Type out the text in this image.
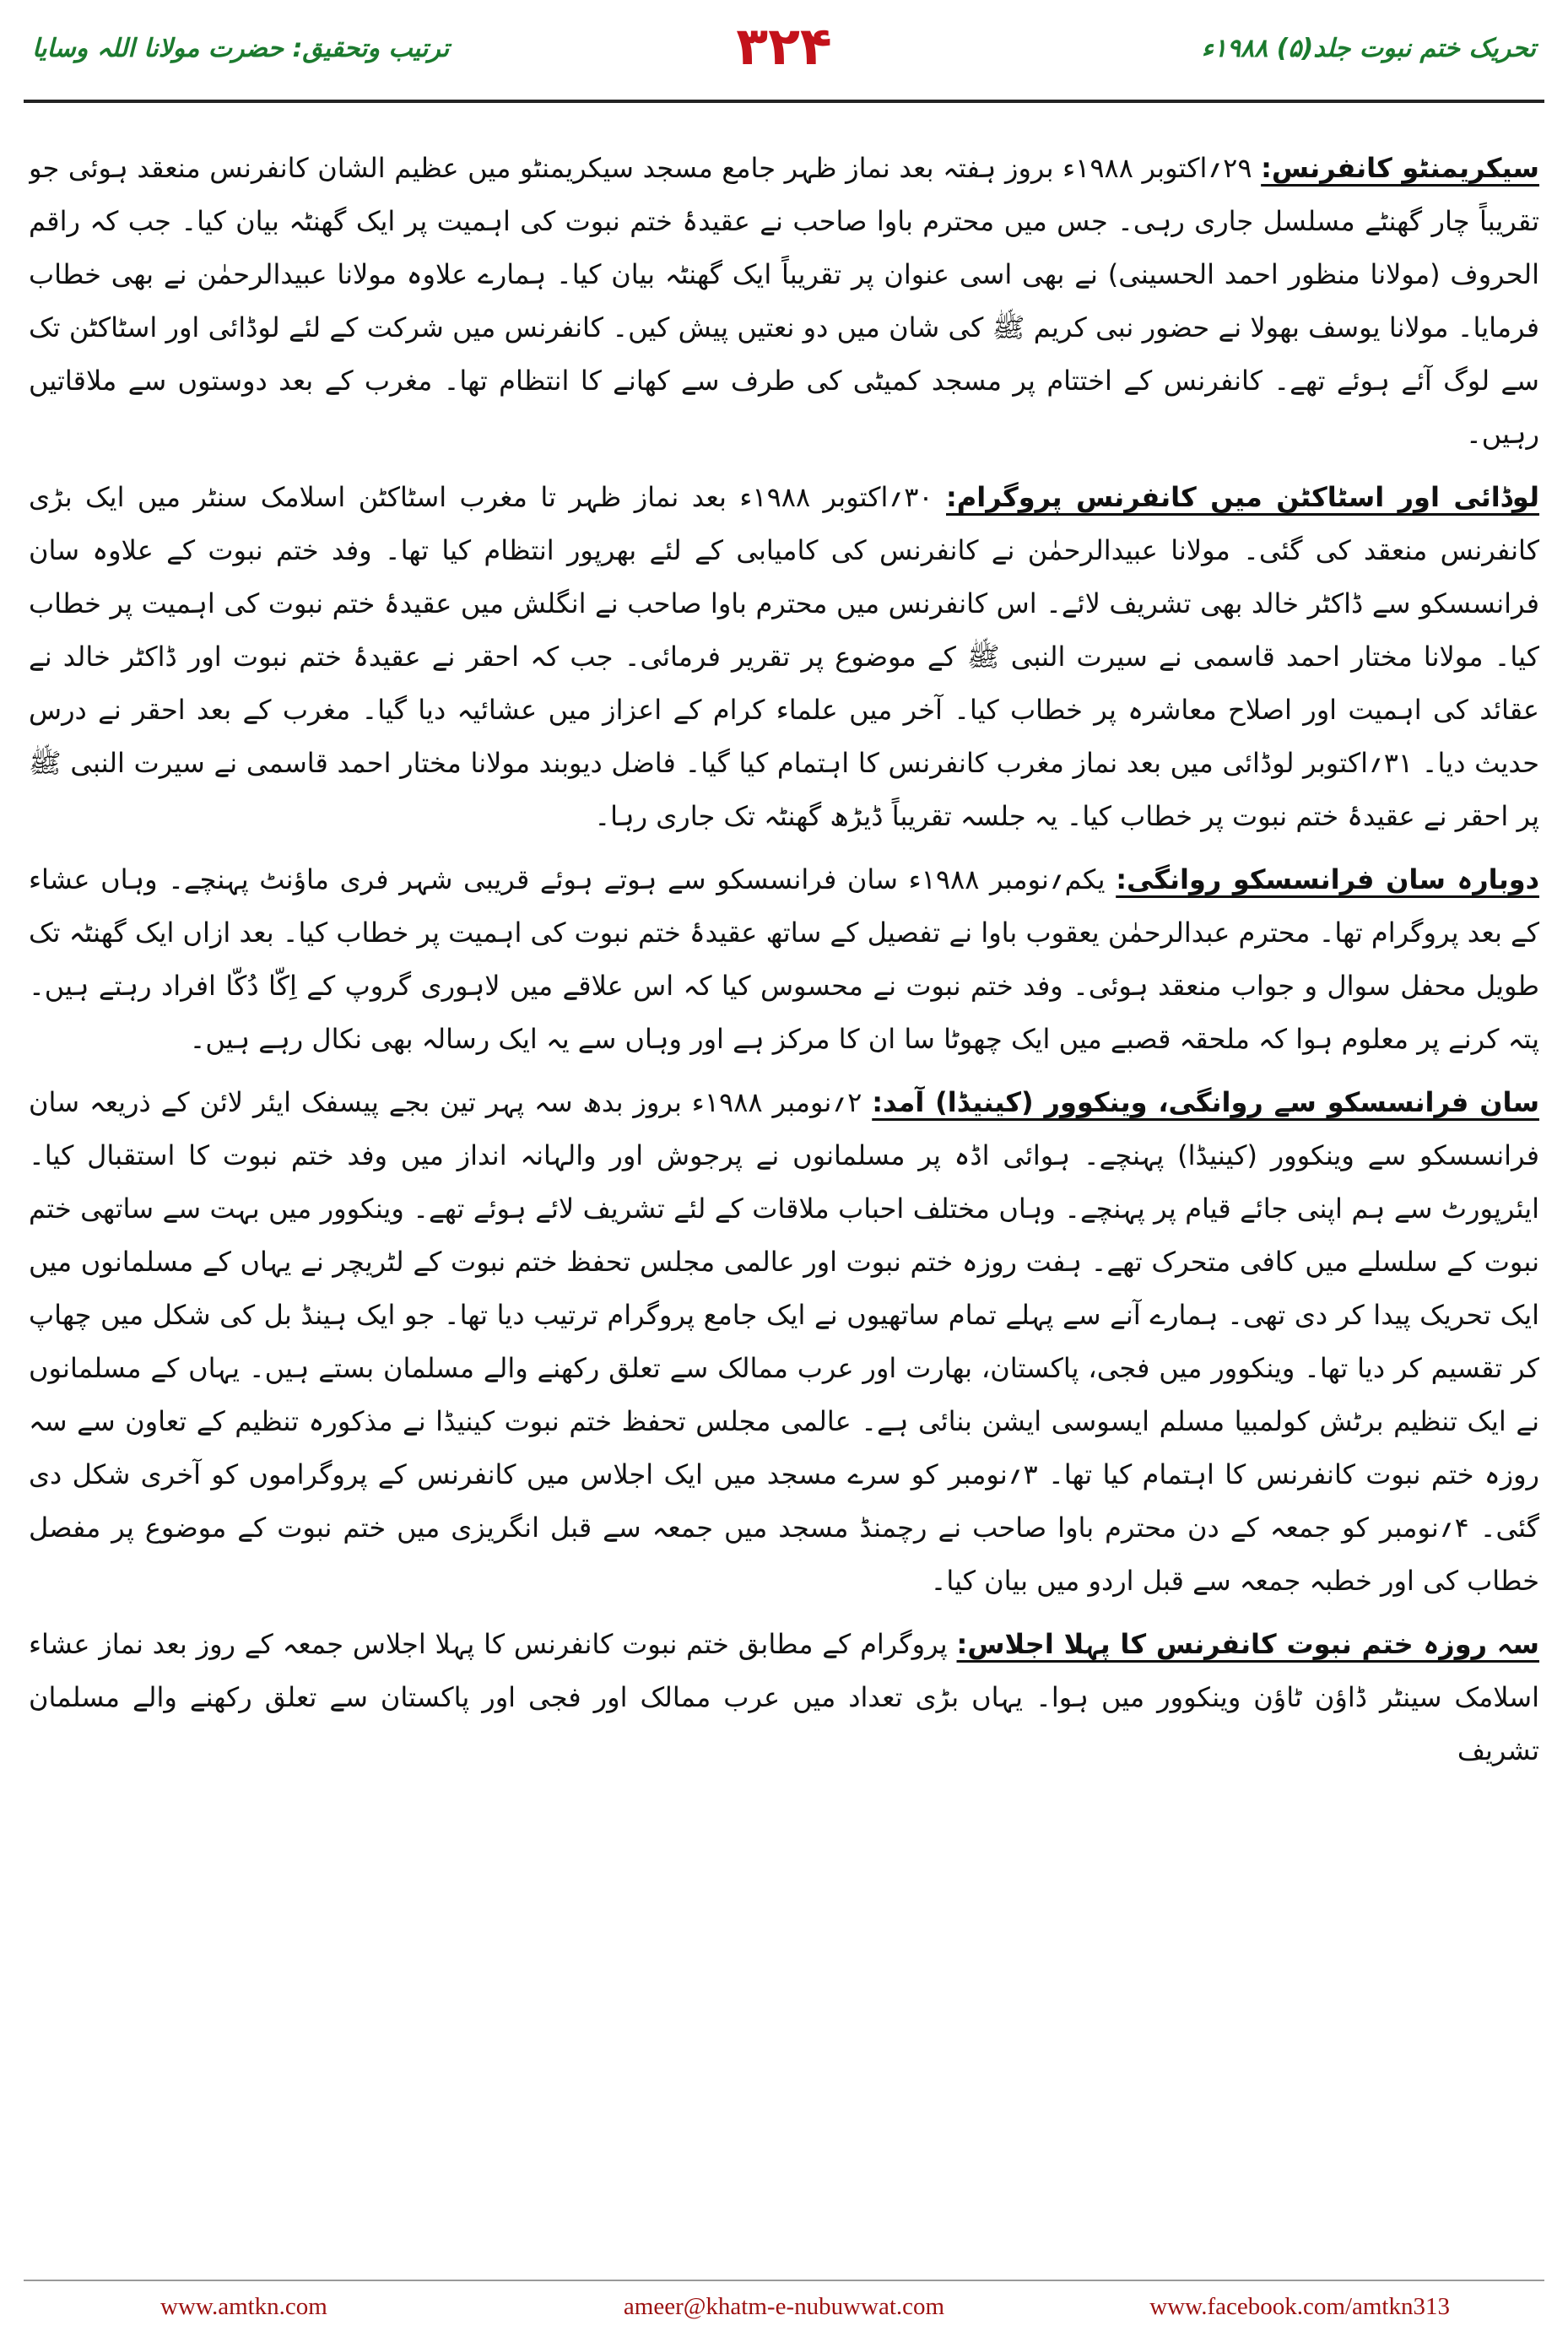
تحریک ختم نبوت جلد(۵) ۱۹۸۸ء
۳۲۴
ترتیب وتحقیق: حضرت مولانا اللہ وسایا

سیکریمنٹو کانفرنس: ۲۹؍اکتوبر ۱۹۸۸ء بروز ہفتہ بعد نماز ظہر جامع مسجد سیکریمنٹو میں عظیم الشان کانفرنس منعقد ہوئی جو تقریباً چار گھنٹے مسلسل جاری رہی۔ جس میں محترم باوا صاحب نے عقیدۂ ختم نبوت کی اہمیت پر ایک گھنٹہ بیان کیا۔ جب کہ راقم الحروف (مولانا منظور احمد الحسینی) نے بھی اسی عنوان پر تقریباً ایک گھنٹہ بیان کیا۔ ہمارے علاوہ مولانا عبیدالرحمٰن نے بھی خطاب فرمایا۔ مولانا یوسف بھولا نے حضور نبی کریم ﷺ کی شان میں دو نعتیں پیش کیں۔ کانفرنس میں شرکت کے لئے لوڈائی اور اسٹاکٹن تک سے لوگ آئے ہوئے تھے۔ کانفرنس کے اختتام پر مسجد کمیٹی کی طرف سے کھانے کا انتظام تھا۔ مغرب کے بعد دوستوں سے ملاقاتیں رہیں۔

لوڈائی اور اسٹاکٹن میں کانفرنس پروگرام: ۳۰؍اکتوبر ۱۹۸۸ء بعد نماز ظہر تا مغرب اسٹاکٹن اسلامک سنٹر میں ایک بڑی کانفرنس منعقد کی گئی۔ مولانا عبیدالرحمٰن نے کانفرنس کی کامیابی کے لئے بھرپور انتظام کیا تھا۔ وفد ختم نبوت کے علاوہ سان فرانسسکو سے ڈاکٹر خالد بھی تشریف لائے۔ اس کانفرنس میں محترم باوا صاحب نے انگلش میں عقیدۂ ختم نبوت کی اہمیت پر خطاب کیا۔ مولانا مختار احمد قاسمی نے سیرت النبی ﷺ کے موضوع پر تقریر فرمائی۔ جب کہ احقر نے عقیدۂ ختم نبوت اور ڈاکٹر خالد نے عقائد کی اہمیت اور اصلاح معاشرہ پر خطاب کیا۔ آخر میں علماء کرام کے اعزاز میں عشائیہ دیا گیا۔ مغرب کے بعد احقر نے درس حدیث دیا۔ ۳۱؍اکتوبر لوڈائی میں بعد نماز مغرب کانفرنس کا اہتمام کیا گیا۔ فاضل دیوبند مولانا مختار احمد قاسمی نے سیرت النبی ﷺ پر احقر نے عقیدۂ ختم نبوت پر خطاب کیا۔ یہ جلسہ تقریباً ڈیڑھ گھنٹہ تک جاری رہا۔

دوبارہ سان فرانسسکو روانگی: یکم؍نومبر ۱۹۸۸ء سان فرانسسکو سے ہوتے ہوئے قریبی شہر فری ماؤنٹ پہنچے۔ وہاں عشاء کے بعد پروگرام تھا۔ محترم عبدالرحمٰن یعقوب باوا نے تفصیل کے ساتھ عقیدۂ ختم نبوت کی اہمیت پر خطاب کیا۔ بعد ازاں ایک گھنٹہ تک طویل محفل سوال و جواب منعقد ہوئی۔ وفد ختم نبوت نے محسوس کیا کہ اس علاقے میں لاہوری گروپ کے اِکّا دُکّا افراد رہتے ہیں۔ پتہ کرنے پر معلوم ہوا کہ ملحقہ قصبے میں ایک چھوٹا سا ان کا مرکز ہے اور وہاں سے یہ ایک رسالہ بھی نکال رہے ہیں۔

سان فرانسسکو سے روانگی، وینکوور (کینیڈا) آمد: ۲؍نومبر ۱۹۸۸ء بروز بدھ سہ پہر تین بجے پیسفک ایئر لائن کے ذریعہ سان فرانسسکو سے وینکوور (کینیڈا) پہنچے۔ ہوائی اڈہ پر مسلمانوں نے پرجوش اور والہانہ انداز میں وفد ختم نبوت کا استقبال کیا۔ ایئرپورٹ سے ہم اپنی جائے قیام پر پہنچے۔ وہاں مختلف احباب ملاقات کے لئے تشریف لائے ہوئے تھے۔ وینکوور میں بہت سے ساتھی ختم نبوت کے سلسلے میں کافی متحرک تھے۔ ہفت روزہ ختم نبوت اور عالمی مجلس تحفظ ختم نبوت کے لٹریچر نے یہاں کے مسلمانوں میں ایک تحریک پیدا کر دی تھی۔ ہمارے آنے سے پہلے تمام ساتھیوں نے ایک جامع پروگرام ترتیب دیا تھا۔ جو ایک ہینڈ بل کی شکل میں چھاپ کر تقسیم کر دیا تھا۔ وینکوور میں فجی، پاکستان، بھارت اور عرب ممالک سے تعلق رکھنے والے مسلمان بستے ہیں۔ یہاں کے مسلمانوں نے ایک تنظیم برٹش کولمبیا مسلم ایسوسی ایشن بنائی ہے۔ عالمی مجلس تحفظ ختم نبوت کینیڈا نے مذکورہ تنظیم کے تعاون سے سہ روزہ ختم نبوت کانفرنس کا اہتمام کیا تھا۔ ۳؍نومبر کو سرے مسجد میں ایک اجلاس میں کانفرنس کے پروگراموں کو آخری شکل دی گئی۔ ۴؍نومبر کو جمعہ کے دن محترم باوا صاحب نے رچمنڈ مسجد میں جمعہ سے قبل انگریزی میں ختم نبوت کے موضوع پر مفصل خطاب کی اور خطبہ جمعہ سے قبل اردو میں بیان کیا۔

سہ روزہ ختم نبوت کانفرنس کا پہلا اجلاس: پروگرام کے مطابق ختم نبوت کانفرنس کا پہلا اجلاس جمعہ کے روز بعد نماز عشاء اسلامک سینٹر ڈاؤن ٹاؤن وینکوور میں ہوا۔ یہاں بڑی تعداد میں عرب ممالک اور فجی اور پاکستان سے تعلق رکھنے والے مسلمان تشریف

www.amtkn.com	ameer@khatm-e-nubuwwat.com	www.facebook.com/amtkn313
